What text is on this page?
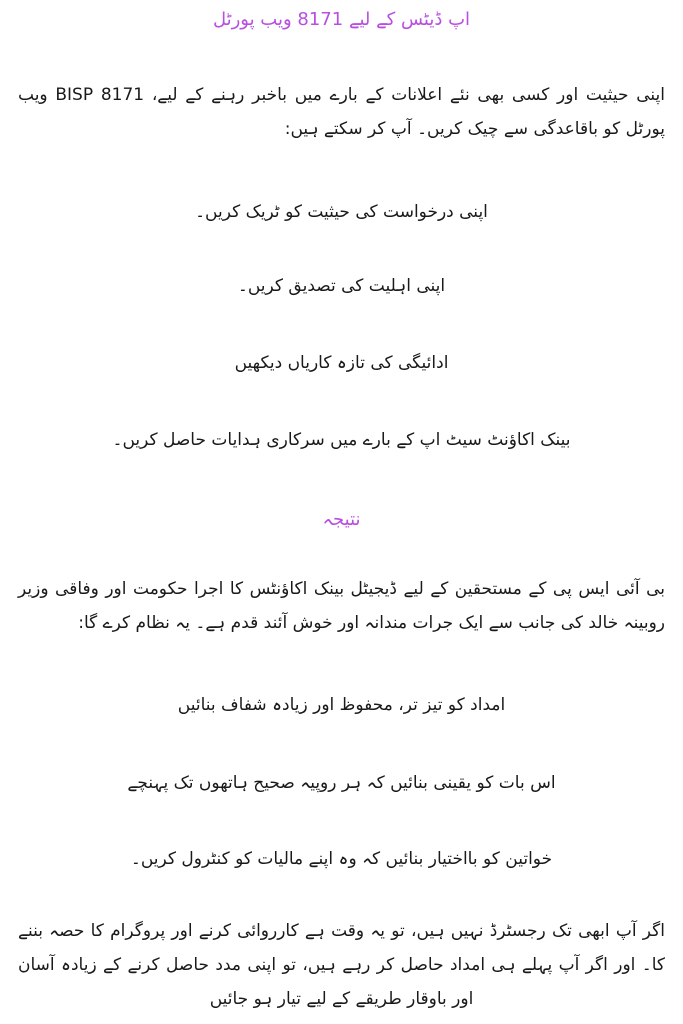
اپ ڈیٹس کے لیے 8171 ویب پورٹل

اپنی حیثیت اور کسی بھی نئے اعلانات کے بارے میں باخبر رہنے کے لیے، BISP 8171 ویب پورٹل کو باقاعدگی سے چیک کریں۔ آپ کر سکتے ہیں:

اپنی درخواست کی حیثیت کو ٹریک کریں۔

اپنی اہلیت کی تصدیق کریں۔

ادائیگی کی تازہ کاریاں دیکھیں

بینک اکاؤنٹ سیٹ اپ کے بارے میں سرکاری ہدایات حاصل کریں۔

نتیجہ

بی آئی ایس پی کے مستحقین کے لیے ڈیجیٹل بینک اکاؤنٹس کا اجرا حکومت اور وفاقی وزیر روبینہ خالد کی جانب سے ایک جرات مندانہ اور خوش آئند قدم ہے۔ یہ نظام کرے گا:

امداد کو تیز تر، محفوظ اور زیادہ شفاف بنائیں

اس بات کو یقینی بنائیں کہ ہر روپیہ صحیح ہاتھوں تک پہنچے

خواتین کو بااختیار بنائیں کہ وہ اپنے مالیات کو کنٹرول کریں۔

اگر آپ ابھی تک رجسٹرڈ نہیں ہیں، تو یہ وقت ہے کارروائی کرنے اور پروگرام کا حصہ بننے کا۔ اور اگر آپ پہلے ہی امداد حاصل کر رہے ہیں، تو اپنی مدد حاصل کرنے کے زیادہ آسان اور باوقار طریقے کے لیے تیار ہو جائیں
